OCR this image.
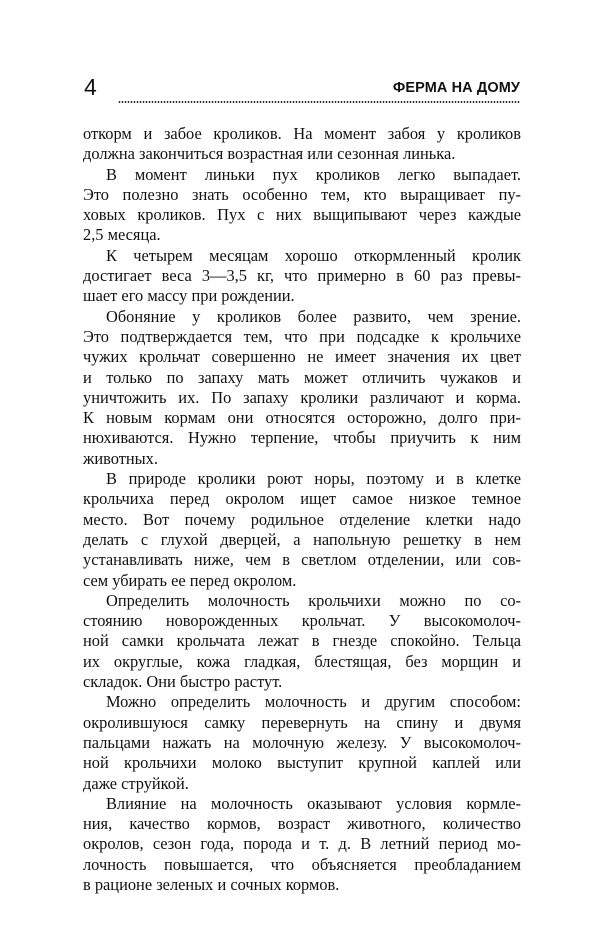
4	ФЕРМА НА ДОМУ

откорм и забое кроликов. На момент забоя у кроликов
должна закончиться возрастная или сезонная линька.

В момент линьки пух кроликов легко выпадает.
Это полезно знать особенно тем, кто выращивает пу-
ховых кроликов. Пух с них выщипывают через каждые
2,5 месяца.

К четырем месяцам хорошо откормленный кролик
достигает веса 3—3,5 кг, что примерно в 60 раз превы-
шает его массу при рождении.

Обоняние у кроликов более развито, чем зрение.
Это подтверждается тем, что при подсадке к крольчихе
чужих крольчат совершенно не имеет значения их цвет
и только по запаху мать может отличить чужаков и
уничтожить их. По запаху кролики различают и корма.
К новым кормам они относятся осторожно, долго при-
нюхиваются. Нужно терпение, чтобы приучить к ним
животных.

В природе кролики роют норы, поэтому и в клетке
крольчиха перед окролом ищет самое низкое темное
место. Вот почему родильное отделение клетки надо
делать с глухой дверцей, а напольную решетку в нем
устанавливать ниже, чем в светлом отделении, или сов-
сем убирать ее перед окролом.

Определить молочность крольчихи можно по со-
стоянию новорожденных крольчат. У высокомолоч-
ной самки крольчата лежат в гнезде спокойно. Тельца
их округлые, кожа гладкая, блестящая, без морщин и
складок. Они быстро растут.

Можно определить молочность и другим способом:
окролившуюся самку перевернуть на спину и двумя
пальцами нажать на молочную железу. У высокомолоч-
ной крольчихи молоко выступит крупной каплей или
даже струйкой.

Влияние на молочность оказывают условия кормле-
ния, качество кормов, возраст животного, количество
окролов, сезон года, порода и т. д. В летний период мо-
лочность повышается, что объясняется преобладанием
в рационе зеленых и сочных кормов.
